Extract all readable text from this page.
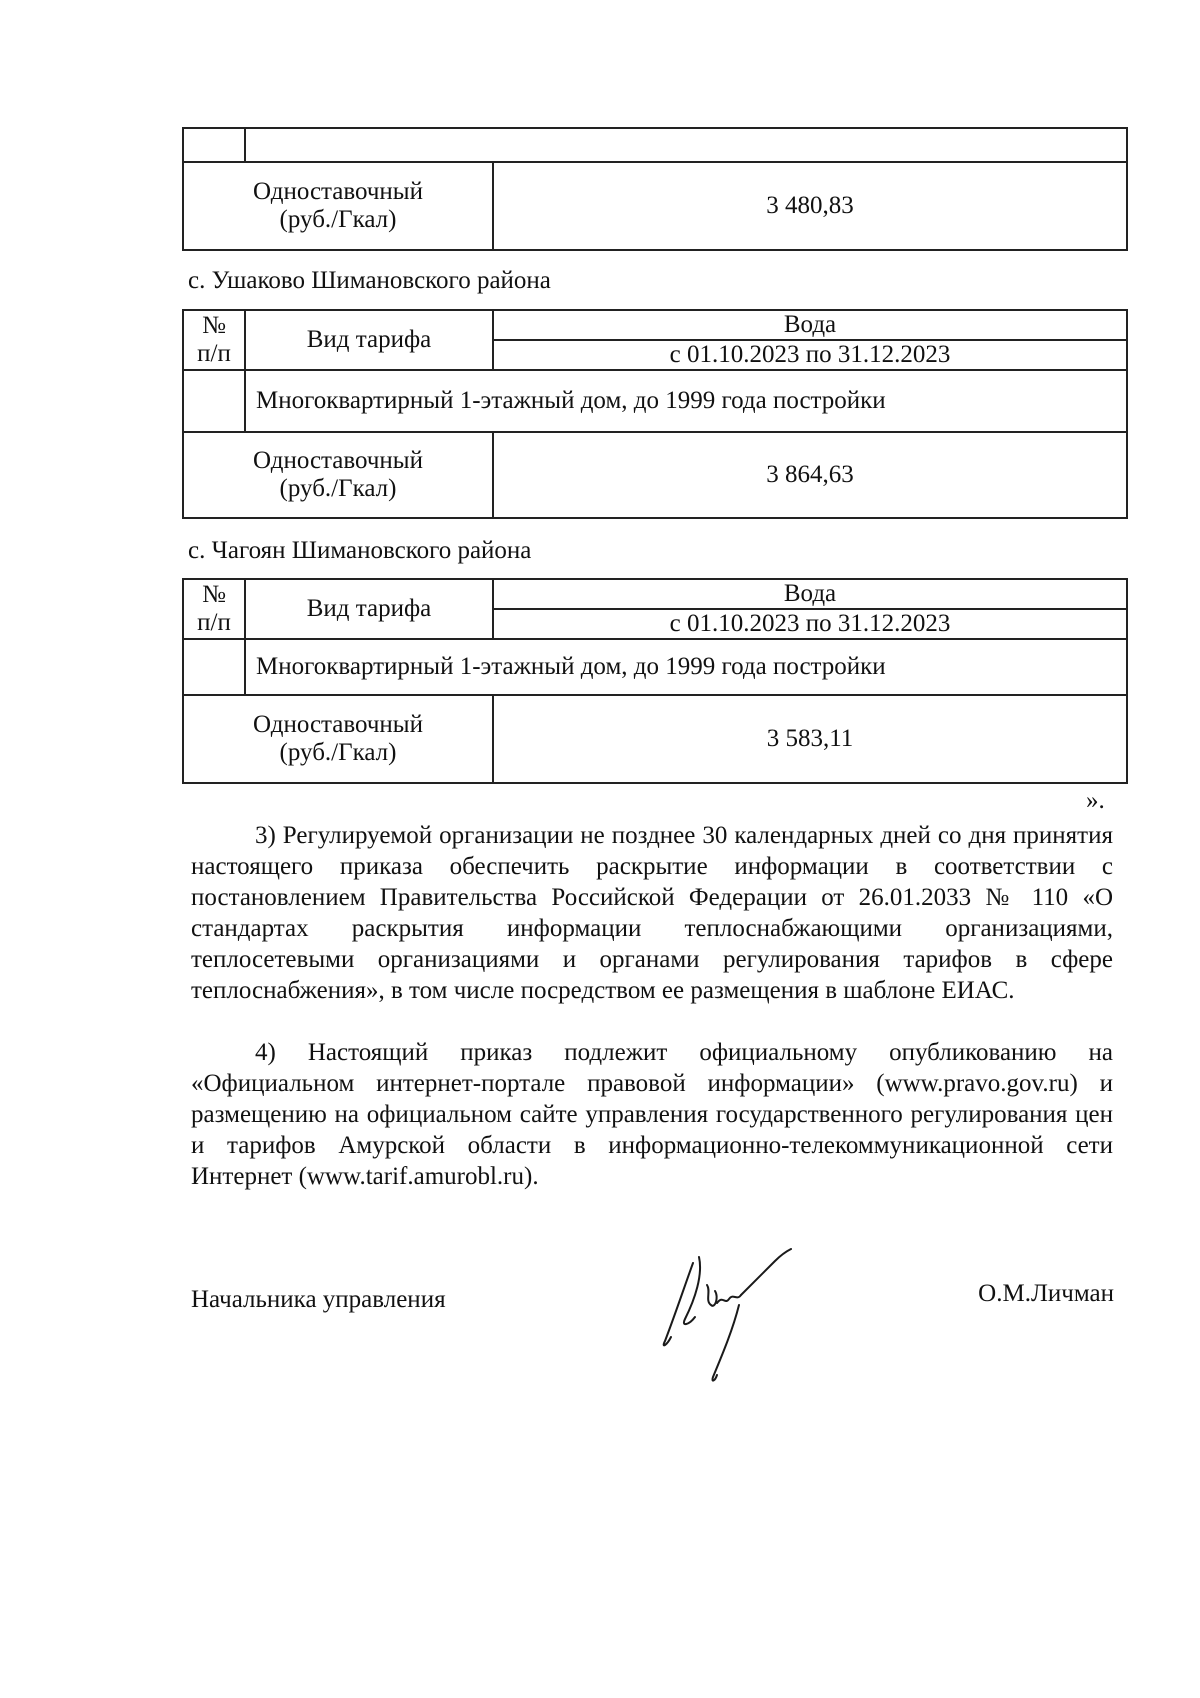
Одноставочный
(руб./Гкал)		3 480,83
с. Ушаково Шимановского района
№
п/п	Вид тарифа	Вода
		с 01.10.2023 по 31.12.2023
	Многоквартирный 1-этажный дом, до 1999 года постройки	

Одноставочный
(руб./Гкал)		3 864,63
с. Чагоян Шимановского района
№
п/п	Вид тарифа	Вода
		с 01.10.2023 по 31.12.2023
	Многоквартирный 1-этажный дом, до 1999 года постройки	

Одноставочный
(руб./Гкал)		3 583,11
».
3) Регулируемой организации не позднее 30 календарных дней со дня принятия настоящего приказа обеспечить раскрытие информации в соответствии с постановлением Правительства Российской Федерации от 26.01.2033 № 110 «О стандартах раскрытия информации теплоснабжающими организациями, теплосетевыми организациями и органами регулирования тарифов в сфере теплоснабжения», в том числе посредством ее размещения в шаблоне ЕИАС.
4) Настоящий приказ подлежит официальному опубликованию на «Официальном интернет-портале правовой информации» (www.pravo.gov.ru) и размещению на официальном сайте управления государственного регулирования цен и тарифов Амурской области в информационно-телекоммуникационной сети Интернет (www.tarif.amurobl.ru).
Начальника управления	О.М.Личман
